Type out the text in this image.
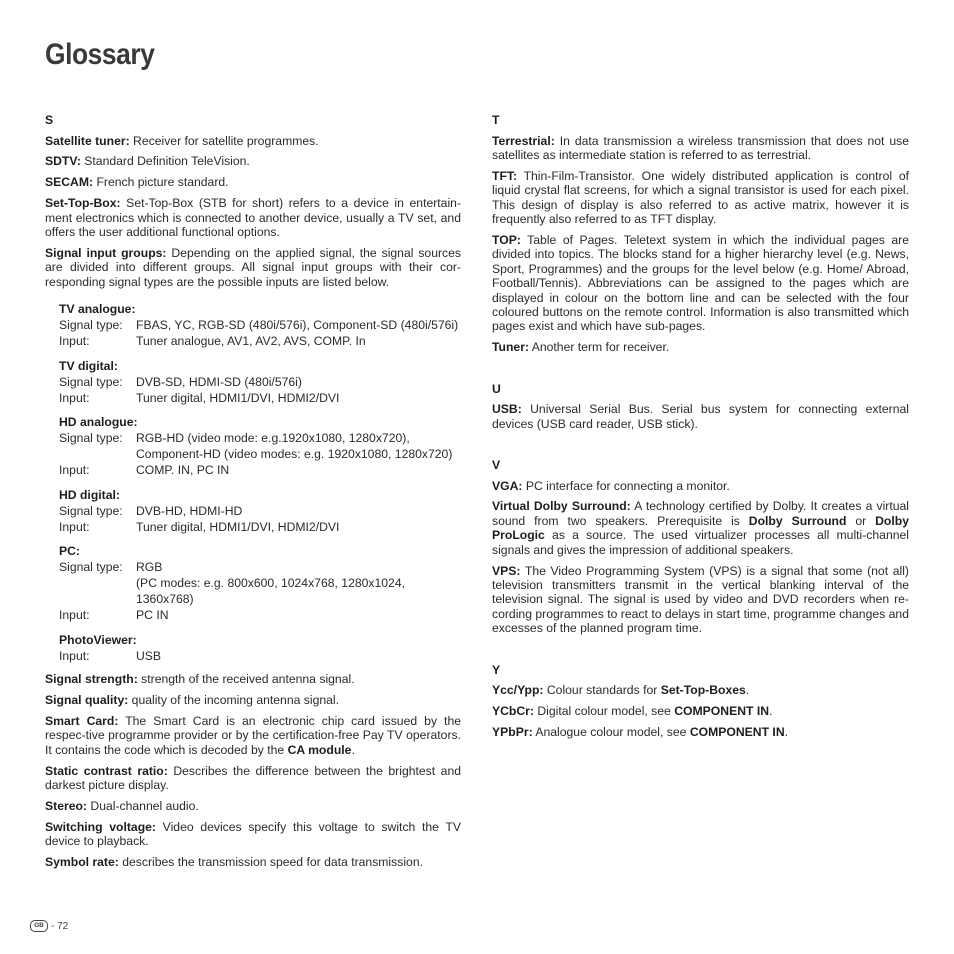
Glossary

S

Satellite tuner: Receiver for satellite programmes.

SDTV: Standard Definition TeleVision.

SECAM: French picture standard.

Set-Top-Box: Set-Top-Box (STB for short) refers to a device in entertain-ment electronics which is connected to another device, usually a TV set, and offers the user additional functional options.

Signal input groups: Depending on the applied signal, the signal sources are divided into different groups. All signal input groups with their cor-responding signal types are the possible inputs are listed below.

TV analogue:
Signal type:	FBAS, YC, RGB-SD (480i/576i), Component-SD (480i/576i)
Input:	Tuner analogue, AV1, AV2, AVS, COMP. In
TV digital:
Signal type:	DVB-SD, HDMI-SD (480i/576i)
Input:	Tuner digital, HDMI1/DVI, HDMI2/DVI
HD analogue:
Signal type:	RGB-HD (video mode: e.g.1920x1080, 1280x720),
Component-HD (video modes: e.g. 1920x1080, 1280x720)
Input:	COMP. IN, PC IN
HD digital:
Signal type:	DVB-HD, HDMI-HD
Input:	Tuner digital, HDMI1/DVI, HDMI2/DVI
PC:
Signal type:	RGB
(PC modes: e.g. 800x600, 1024x768, 1280x1024, 1360x768)
Input:	PC IN
PhotoViewer:
Input:	USB

Signal strength: strength of the received antenna signal.

Signal quality: quality of the incoming antenna signal.

Smart Card: The Smart Card is an electronic chip card issued by the respec-tive programme provider or by the certification-free Pay TV operators. It contains the code which is decoded by the CA module.

Static contrast ratio: Describes the difference between the brightest and darkest picture display.

Stereo: Dual-channel audio.

Switching voltage: Video devices specify this voltage to switch the TV device to playback.

Symbol rate: describes the transmission speed for data transmission.

T

Terrestrial: In data transmission a wireless transmission that does not use satellites as intermediate station is referred to as terrestrial.

TFT: Thin-Film-Transistor. One widely distributed application is control of liquid crystal flat screens, for which a signal transistor is used for each pixel. This design of display is also referred to as active matrix, however it is frequently also referred to as TFT display.

TOP: Table of Pages. Teletext system in which the individual pages are divided into topics. The blocks stand for a higher hierarchy level (e.g. News, Sport, Programmes) and the groups for the level below (e.g. Home/ Abroad, Football/Tennis). Abbreviations can be assigned to the pages which are displayed in colour on the bottom line and can be selected with the four coloured buttons on the remote control. Information is also transmitted which pages exist and which have sub-pages.

Tuner: Another term for receiver.

U

USB: Universal Serial Bus. Serial bus system for connecting external devices (USB card reader, USB stick).

V

VGA: PC interface for connecting a monitor.

Virtual Dolby Surround: A technology certified by Dolby. It creates a virtual sound from two speakers. Prerequisite is Dolby Surround or Dolby ProLogic as a source. The used virtualizer processes all multi-channel signals and gives the impression of additional speakers.

VPS: The Video Programming System (VPS) is a signal that some (not all) television transmitters transmit in the vertical blanking interval of the television signal. The signal is used by video and DVD recorders when re-cording programmes to react to delays in start time, programme changes and excesses of the planned program time.

Y

Ycc/Ypp: Colour standards for Set-Top-Boxes.

YCbCr: Digital colour model, see COMPONENT IN.

YPbPr: Analogue colour model, see COMPONENT IN.

GB - 72
